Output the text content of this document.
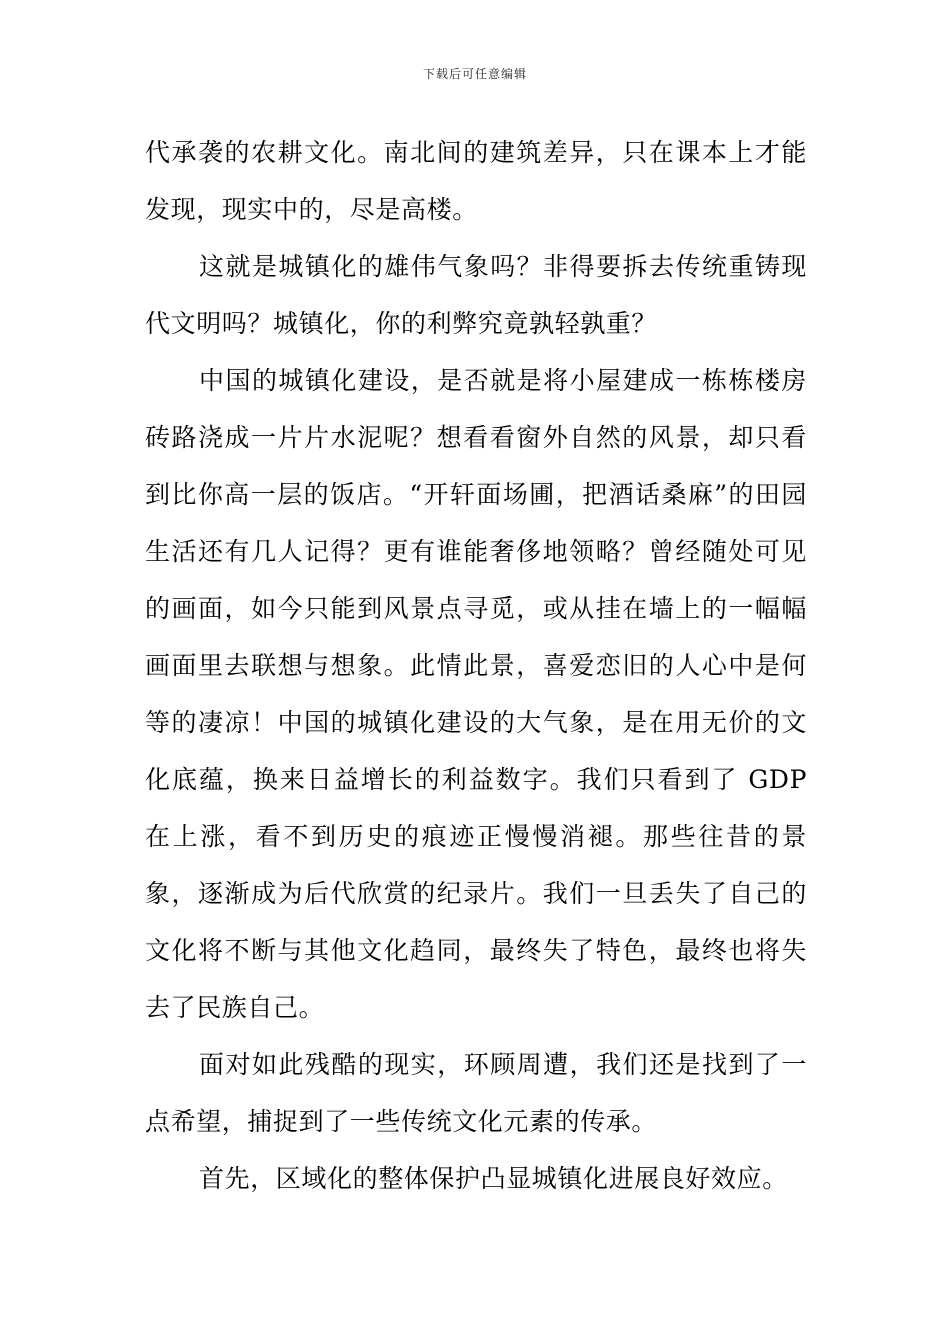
下载后可任意编辑

代承袭的农耕文化。南北间的建筑差异，只在课本上才能发现，现实中的，尽是高楼。

这就是城镇化的雄伟气象吗？非得要拆去传统重铸现代文明吗？城镇化，你的利弊究竟孰轻孰重？

中国的城镇化建设，是否就是将小屋建成一栋栋楼房砖路浇成一片片水泥呢？想看看窗外自然的风景，却只看到比你高一层的饭店。“开轩面场圃，把酒话桑麻”的田园生活还有几人记得？更有谁能奢侈地领略？曾经随处可见的画面，如今只能到风景点寻觅，或从挂在墙上的一幅幅画面里去联想与想象。此情此景，喜爱恋旧的人心中是何等的凄凉！中国的城镇化建设的大气象，是在用无价的文化底蕴，换来日益增长的利益数字。我们只看到了 GDP 在上涨，看不到历史的痕迹正慢慢消褪。那些往昔的景象，逐渐成为后代欣赏的纪录片。我们一旦丢失了自己的文化将不断与其他文化趋同，最终失了特色，最终也将失去了民族自己。

面对如此残酷的现实，环顾周遭，我们还是找到了一点希望，捕捉到了一些传统文化元素的传承。

首先，区域化的整体保护凸显城镇化进展良好效应。
